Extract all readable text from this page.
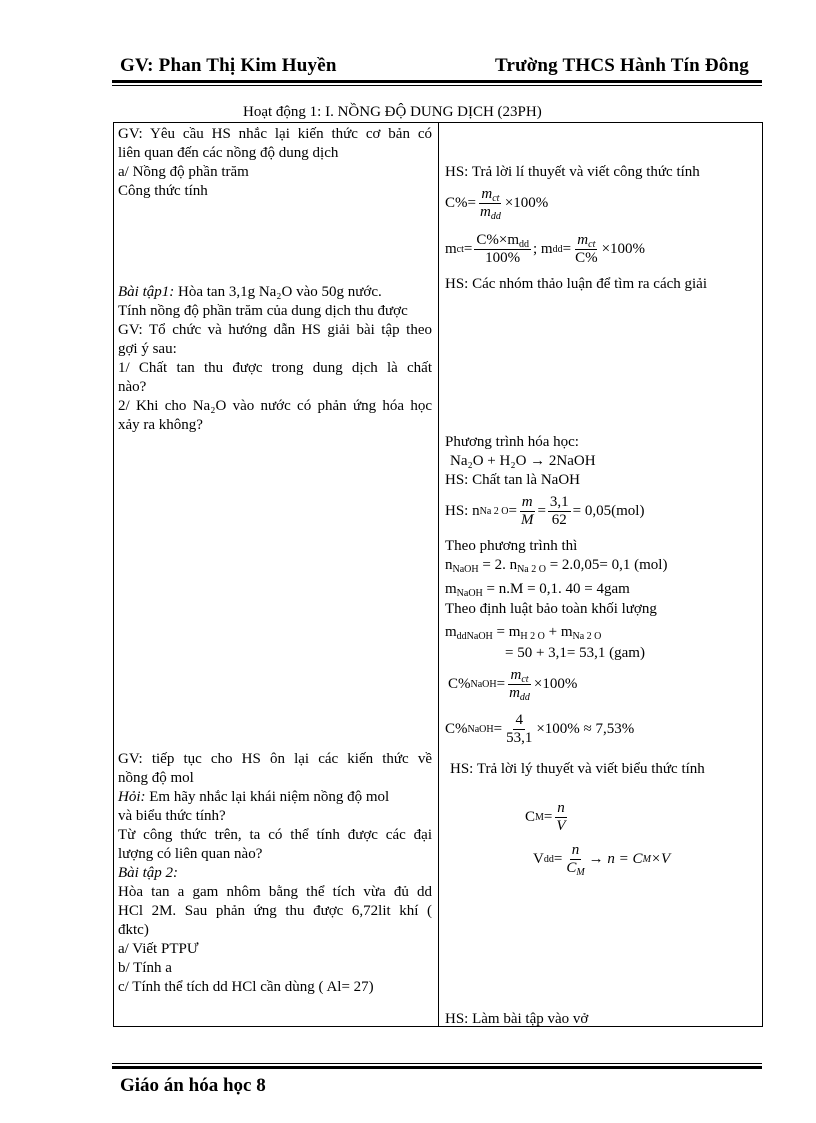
GV: Phan Thị Kim Huyền	Trường THCS Hành Tín Đông
Hoạt động 1: I. NỒNG ĐỘ DUNG DỊCH (23PH)
GV: Yêu cầu HS nhắc lại kiến thức cơ bản có
liên quan đến các nồng độ dung dịch
a/ Nồng độ phần trăm
Công thức tính
Bài tập1: Hòa tan 3,1g Na₂O vào 50g nước.
Tính nồng độ phần trăm của dung dịch thu được
GV: Tổ chức và hướng dẫn HS giải bài tập theo
gợi ý sau:
1/ Chất tan thu được trong dung dịch là chất
nào?
2/ Khi cho Na₂O vào nước có phản ứng hóa học
xảy ra không?
GV: tiếp tục cho HS ôn lại các kiến thức về
nồng độ mol
Hỏi: Em hãy nhắc lại khái niệm nồng độ mol
và biểu thức tính?
Từ công thức trên, ta có thể tính được các đại
lượng có liên quan nào?
Bài tập 2:
Hòa tan a gam nhôm bằng thể tích vừa đủ dd
HCl 2M. Sau phản ứng thu được 6,72lit khí (
đktc)
a/ Viết PTPƯ
b/ Tính a
c/ Tính thể tích dd HCl cần dùng ( Al= 27)
HS: Trả lời lí thuyết và viết công thức tính
$C\%= \frac{m_{ct}}{m_{dd}} \times 100\%$
m ct = $\frac{C\%\times m_{dd}}{100\%}$ ; m dd = $\frac{m_{ct}}{C\%} \times 100\%$
HS: Các nhóm thảo luận để tìm ra cách giải
Phương trình hóa học:
Na₂O + H₂O → 2NaOH
HS: Chất tan là NaOH
HS: n Na 2 $O = \frac{m}{M} = \frac{3,1}{62} = 0,05(mol)$
Theo phương trình thì
$n_{NaOH} = 2$. $n_{Na 2 O} = 2.0,05= 0,1$ (mol)
$m_{NaOH} = n.M = 0,1$. 40 = 4gam
Theo định luật bảo toàn khối lượng
$m_{ddNaOH} = m_{H 2 O} + m_{Na 2 O}$
= 50 + 3,1= 53,1 (gam)
C% NaOH = $\frac{m_{ct}}{m_{dd}} \times 100\%$
C% NaOH = $\frac{4}{53,1} \times 100\% \approx 7,53\%$
HS: Trả lời lý thuyết và viết biểu thức tính
C $M = \frac{n}{V}$
V dd = $\frac{n}{C_M} \to n = C$ M ×V
HS: Làm bài tập vào vở
Giáo án hóa học 8
